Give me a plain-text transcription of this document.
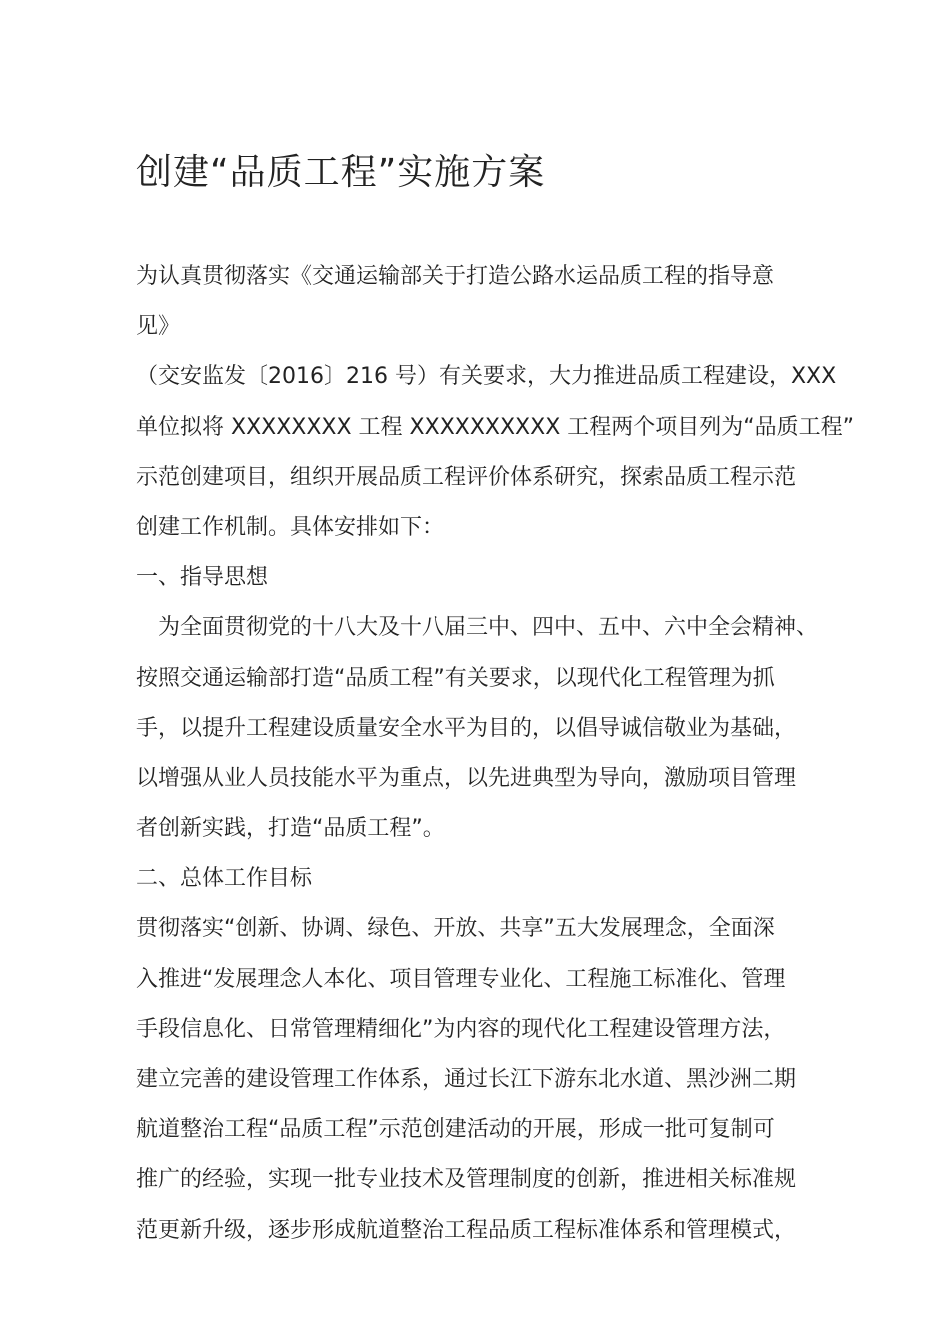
创建“品质工程”实施方案

为认真贯彻落实《交通运输部关于打造公路水运品质工程的指导意

见》

（交安监发〔2016〕216 号）有关要求，大力推进品质工程建设，XXX

单位拟将 XXXXXXXX 工程 XXXXXXXXXX 工程两个项目列为“品质工程”

示范创建项目，组织开展品质工程评价体系研究，探索品质工程示范

创建工作机制。具体安排如下：

一、指导思想

　为全面贯彻党的十八大及十八届三中、四中、五中、六中全会精神、

按照交通运输部打造“品质工程”有关要求，以现代化工程管理为抓

手，以提升工程建设质量安全水平为目的，以倡导诚信敬业为基础，

以增强从业人员技能水平为重点，以先进典型为导向，激励项目管理

者创新实践，打造“品质工程”。

二、总体工作目标

贯彻落实“创新、协调、绿色、开放、共享”五大发展理念，全面深

入推进“发展理念人本化、项目管理专业化、工程施工标准化、管理

手段信息化、日常管理精细化”为内容的现代化工程建设管理方法，

建立完善的建设管理工作体系，通过长江下游东北水道、黑沙洲二期

航道整治工程“品质工程”示范创建活动的开展，形成一批可复制可

推广的经验，实现一批专业技术及管理制度的创新，推进相关标准规

范更新升级，逐步形成航道整治工程品质工程标准体系和管理模式，
